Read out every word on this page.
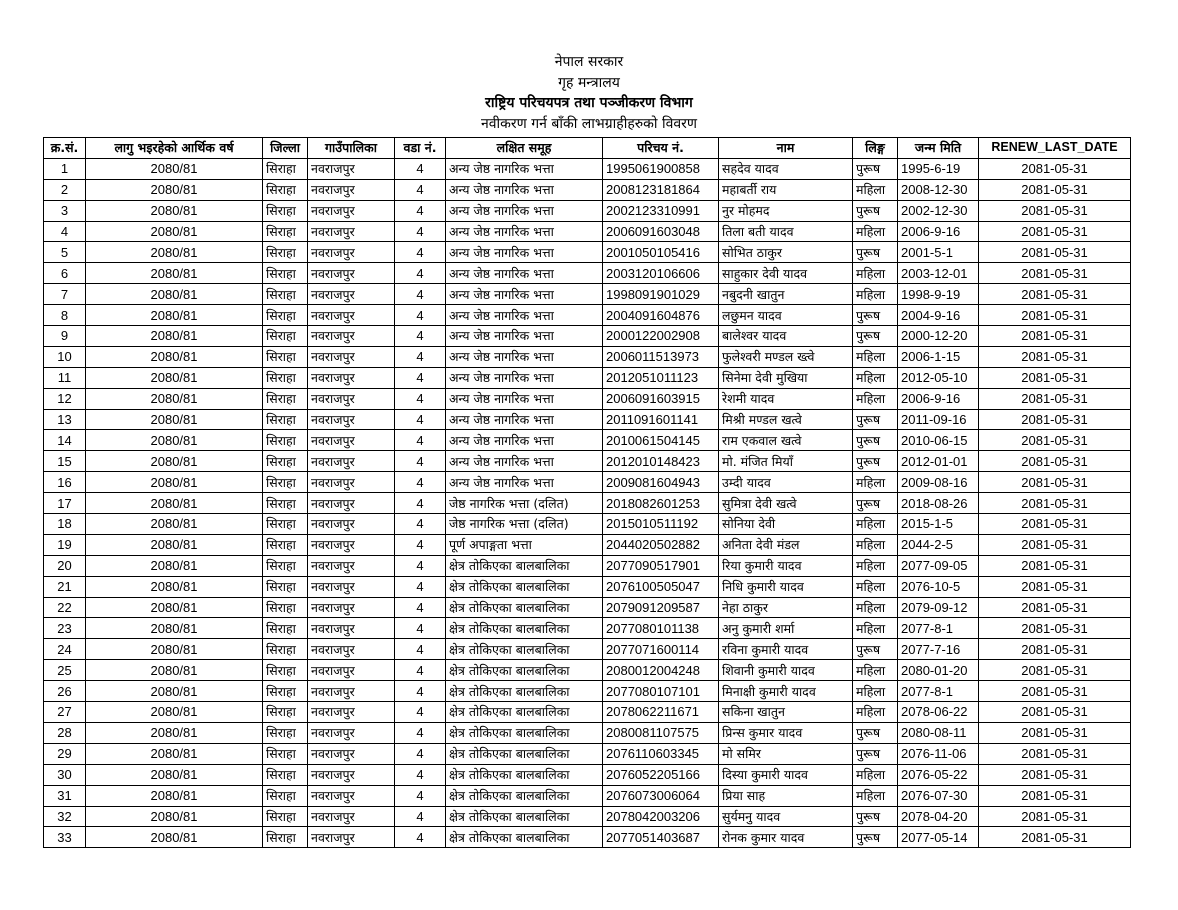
नेपाल सरकार
गृह मन्त्रालय
राष्ट्रिय परिचयपत्र तथा पञ्जीकरण विभाग
नवीकरण गर्न बाँकी लाभग्राहीहरुको विवरण
क्र.सं.	लागु भइरहेको आर्थिक वर्ष	जिल्ला	गाउँपालिका	वडा नं.	लक्षित समूह	परिचय नं.	नाम	लिङ्ग	जन्म मिति	RENEW_LAST_DATE
1	2080/81	सिराहा	नवराजपुर	4	अन्य जेष्ठ नागरिक भत्ता	1995061900858	सहदेव यादव	पुरूष	1995-6-19	2081-05-31
2	2080/81	सिराहा	नवराजपुर	4	अन्य जेष्ठ नागरिक भत्ता	2008123181864	महाबर्ती राय	महिला	2008-12-30	2081-05-31
3	2080/81	सिराहा	नवराजपुर	4	अन्य जेष्ठ नागरिक भत्ता	2002123310991	नुर मोहमद	पुरूष	2002-12-30	2081-05-31
4	2080/81	सिराहा	नवराजपुर	4	अन्य जेष्ठ नागरिक भत्ता	2006091603048	तिला बती यादव	महिला	2006-9-16	2081-05-31
5	2080/81	सिराहा	नवराजपुर	4	अन्य जेष्ठ नागरिक भत्ता	2001050105416	सोभित ठाकुर	पुरूष	2001-5-1	2081-05-31
6	2080/81	सिराहा	नवराजपुर	4	अन्य जेष्ठ नागरिक भत्ता	2003120106606	साहुकार देवी यादव	महिला	2003-12-01	2081-05-31
7	2080/81	सिराहा	नवराजपुर	4	अन्य जेष्ठ नागरिक भत्ता	1998091901029	नबुदनी खातुन	महिला	1998-9-19	2081-05-31
8	2080/81	सिराहा	नवराजपुर	4	अन्य जेष्ठ नागरिक भत्ता	2004091604876	लछुमन यादव	पुरूष	2004-9-16	2081-05-31
9	2080/81	सिराहा	नवराजपुर	4	अन्य जेष्ठ नागरिक भत्ता	2000122002908	बालेश्वर यादव	पुरूष	2000-12-20	2081-05-31
10	2080/81	सिराहा	नवराजपुर	4	अन्य जेष्ठ नागरिक भत्ता	2006011513973	फुलेश्वरी मण्डल ख्त्वे	महिला	2006-1-15	2081-05-31
11	2080/81	सिराहा	नवराजपुर	4	अन्य जेष्ठ नागरिक भत्ता	2012051011123	सिनेमा देवी मुखिया	महिला	2012-05-10	2081-05-31
12	2080/81	सिराहा	नवराजपुर	4	अन्य जेष्ठ नागरिक भत्ता	2006091603915	रेशमी यादव	महिला	2006-9-16	2081-05-31
13	2080/81	सिराहा	नवराजपुर	4	अन्य जेष्ठ नागरिक भत्ता	2011091601141	मिश्री मण्डल खत्वे	पुरूष	2011-09-16	2081-05-31
14	2080/81	सिराहा	नवराजपुर	4	अन्य जेष्ठ नागरिक भत्ता	2010061504145	राम एकवाल खत्वे	पुरूष	2010-06-15	2081-05-31
15	2080/81	सिराहा	नवराजपुर	4	अन्य जेष्ठ नागरिक भत्ता	2012010148423	मो. मंजित मियाँ	पुरूष	2012-01-01	2081-05-31
16	2080/81	सिराहा	नवराजपुर	4	अन्य जेष्ठ नागरिक भत्ता	2009081604943	उम्दी यादव	महिला	2009-08-16	2081-05-31
17	2080/81	सिराहा	नवराजपुर	4	जेष्ठ नागरिक भत्ता (दलित)	2018082601253	सुमित्रा देवी खत्वे	पुरूष	2018-08-26	2081-05-31
18	2080/81	सिराहा	नवराजपुर	4	जेष्ठ नागरिक भत्ता (दलित)	2015010511192	सोनिया देवी	महिला	2015-1-5	2081-05-31
19	2080/81	सिराहा	नवराजपुर	4	पूर्ण अपाङ्गता भत्ता	2044020502882	अनिता देवी मंडल	महिला	2044-2-5	2081-05-31
20	2080/81	सिराहा	नवराजपुर	4	क्षेत्र तोकिएका बालबालिका	2077090517901	रिया कुमारी यादव	महिला	2077-09-05	2081-05-31
21	2080/81	सिराहा	नवराजपुर	4	क्षेत्र तोकिएका बालबालिका	2076100505047	निधि कुमारी यादव	महिला	2076-10-5	2081-05-31
22	2080/81	सिराहा	नवराजपुर	4	क्षेत्र तोकिएका बालबालिका	2079091209587	नेहा ठाकुर	महिला	2079-09-12	2081-05-31
23	2080/81	सिराहा	नवराजपुर	4	क्षेत्र तोकिएका बालबालिका	2077080101138	अनु कुमारी शर्मा	महिला	2077-8-1	2081-05-31
24	2080/81	सिराहा	नवराजपुर	4	क्षेत्र तोकिएका बालबालिका	2077071600114	रविना कुमारी यादव	पुरूष	2077-7-16	2081-05-31
25	2080/81	सिराहा	नवराजपुर	4	क्षेत्र तोकिएका बालबालिका	2080012004248	शिवानी कुमारी यादव	महिला	2080-01-20	2081-05-31
26	2080/81	सिराहा	नवराजपुर	4	क्षेत्र तोकिएका बालबालिका	2077080107101	मिनाक्षी कुमारी यादव	महिला	2077-8-1	2081-05-31
27	2080/81	सिराहा	नवराजपुर	4	क्षेत्र तोकिएका बालबालिका	2078062211671	सकिना खातुन	महिला	2078-06-22	2081-05-31
28	2080/81	सिराहा	नवराजपुर	4	क्षेत्र तोकिएका बालबालिका	2080081107575	प्रिन्स कुमार यादव	पुरूष	2080-08-11	2081-05-31
29	2080/81	सिराहा	नवराजपुर	4	क्षेत्र तोकिएका बालबालिका	2076110603345	मो समिर	पुरूष	2076-11-06	2081-05-31
30	2080/81	सिराहा	नवराजपुर	4	क्षेत्र तोकिएका बालबालिका	2076052205166	दिस्या कुमारी यादव	महिला	2076-05-22	2081-05-31
31	2080/81	सिराहा	नवराजपुर	4	क्षेत्र तोकिएका बालबालिका	2076073006064	प्रिया साह	महिला	2076-07-30	2081-05-31
32	2080/81	सिराहा	नवराजपुर	4	क्षेत्र तोकिएका बालबालिका	2078042003206	सुर्यमनु यादव	पुरूष	2078-04-20	2081-05-31
33	2080/81	सिराहा	नवराजपुर	4	क्षेत्र तोकिएका बालबालिका	2077051403687	रोनक कुमार यादव	पुरूष	2077-05-14	2081-05-31
